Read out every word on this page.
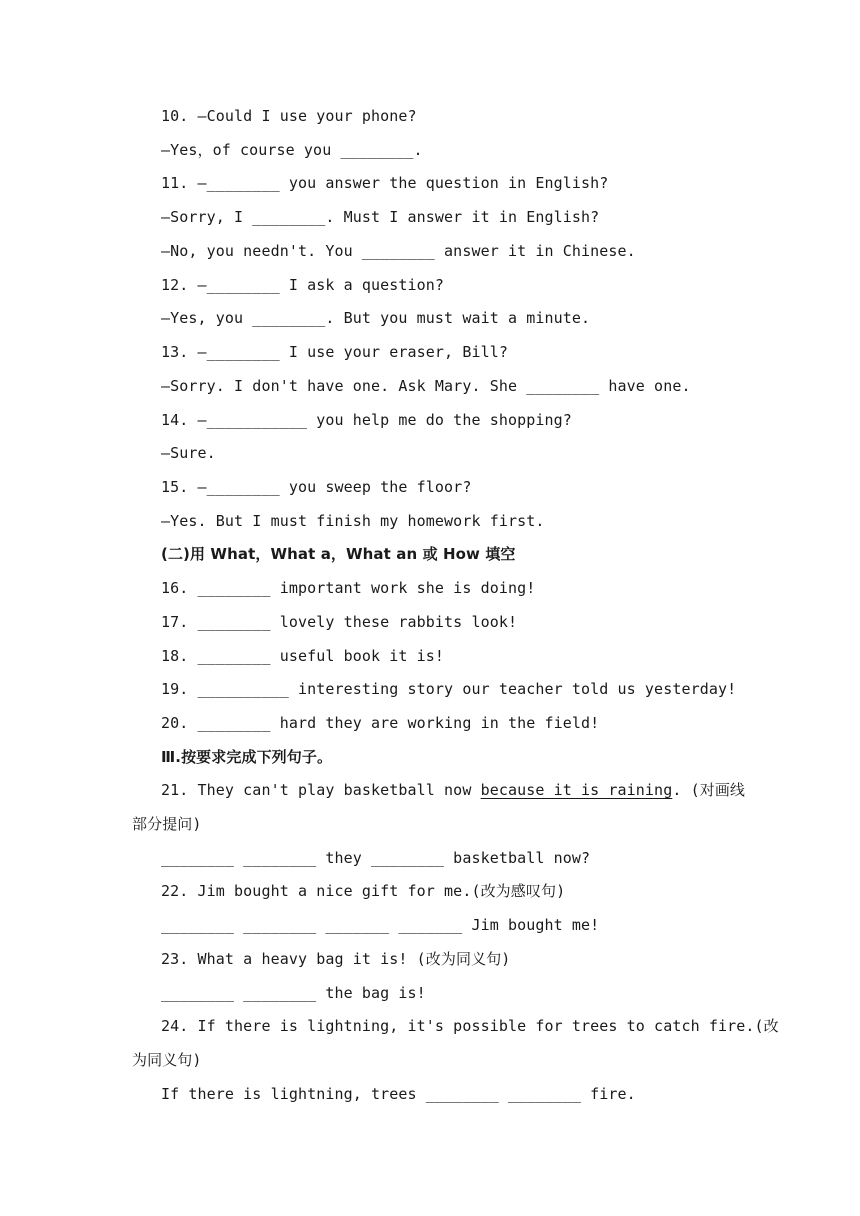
10. —Could I use your phone?
—Yes，of course you ________.
11. —________ you answer the question in English?
—Sorry, I ________. Must I answer it in English?
—No, you needn't. You ________ answer it in Chinese.
12. —________ I ask a question?
—Yes, you ________. But you must wait a minute.
13. —________ I use your eraser, Bill?
—Sorry. I don't have one. Ask Mary. She ________ have one.
14. —___________ you help me do the shopping?
—Sure.
15. —________ you sweep the floor?
—Yes. But I must finish my homework first.
(二)用 What，What a，What an 或 How 填空
16. ________ important work she is doing!
17. ________ lovely these rabbits look!
18. ________ useful book it is!
19. __________ interesting story our teacher told us yesterday!
20. ________ hard they are working in the field!
Ⅲ.按要求完成下列句子。
21. They can't play basketball now because it is raining. (对画线
部分提问)
________ ________ they ________ basketball now?
22. Jim bought a nice gift for me.(改为感叹句)
________ ________ _______ _______ Jim bought me!
23. What a heavy bag it is! (改为同义句)
________ ________ the bag is!
24. If there is lightning, it's possible for trees to catch fire.(改
为同义句)
If there is lightning, trees ________ ________ fire.
